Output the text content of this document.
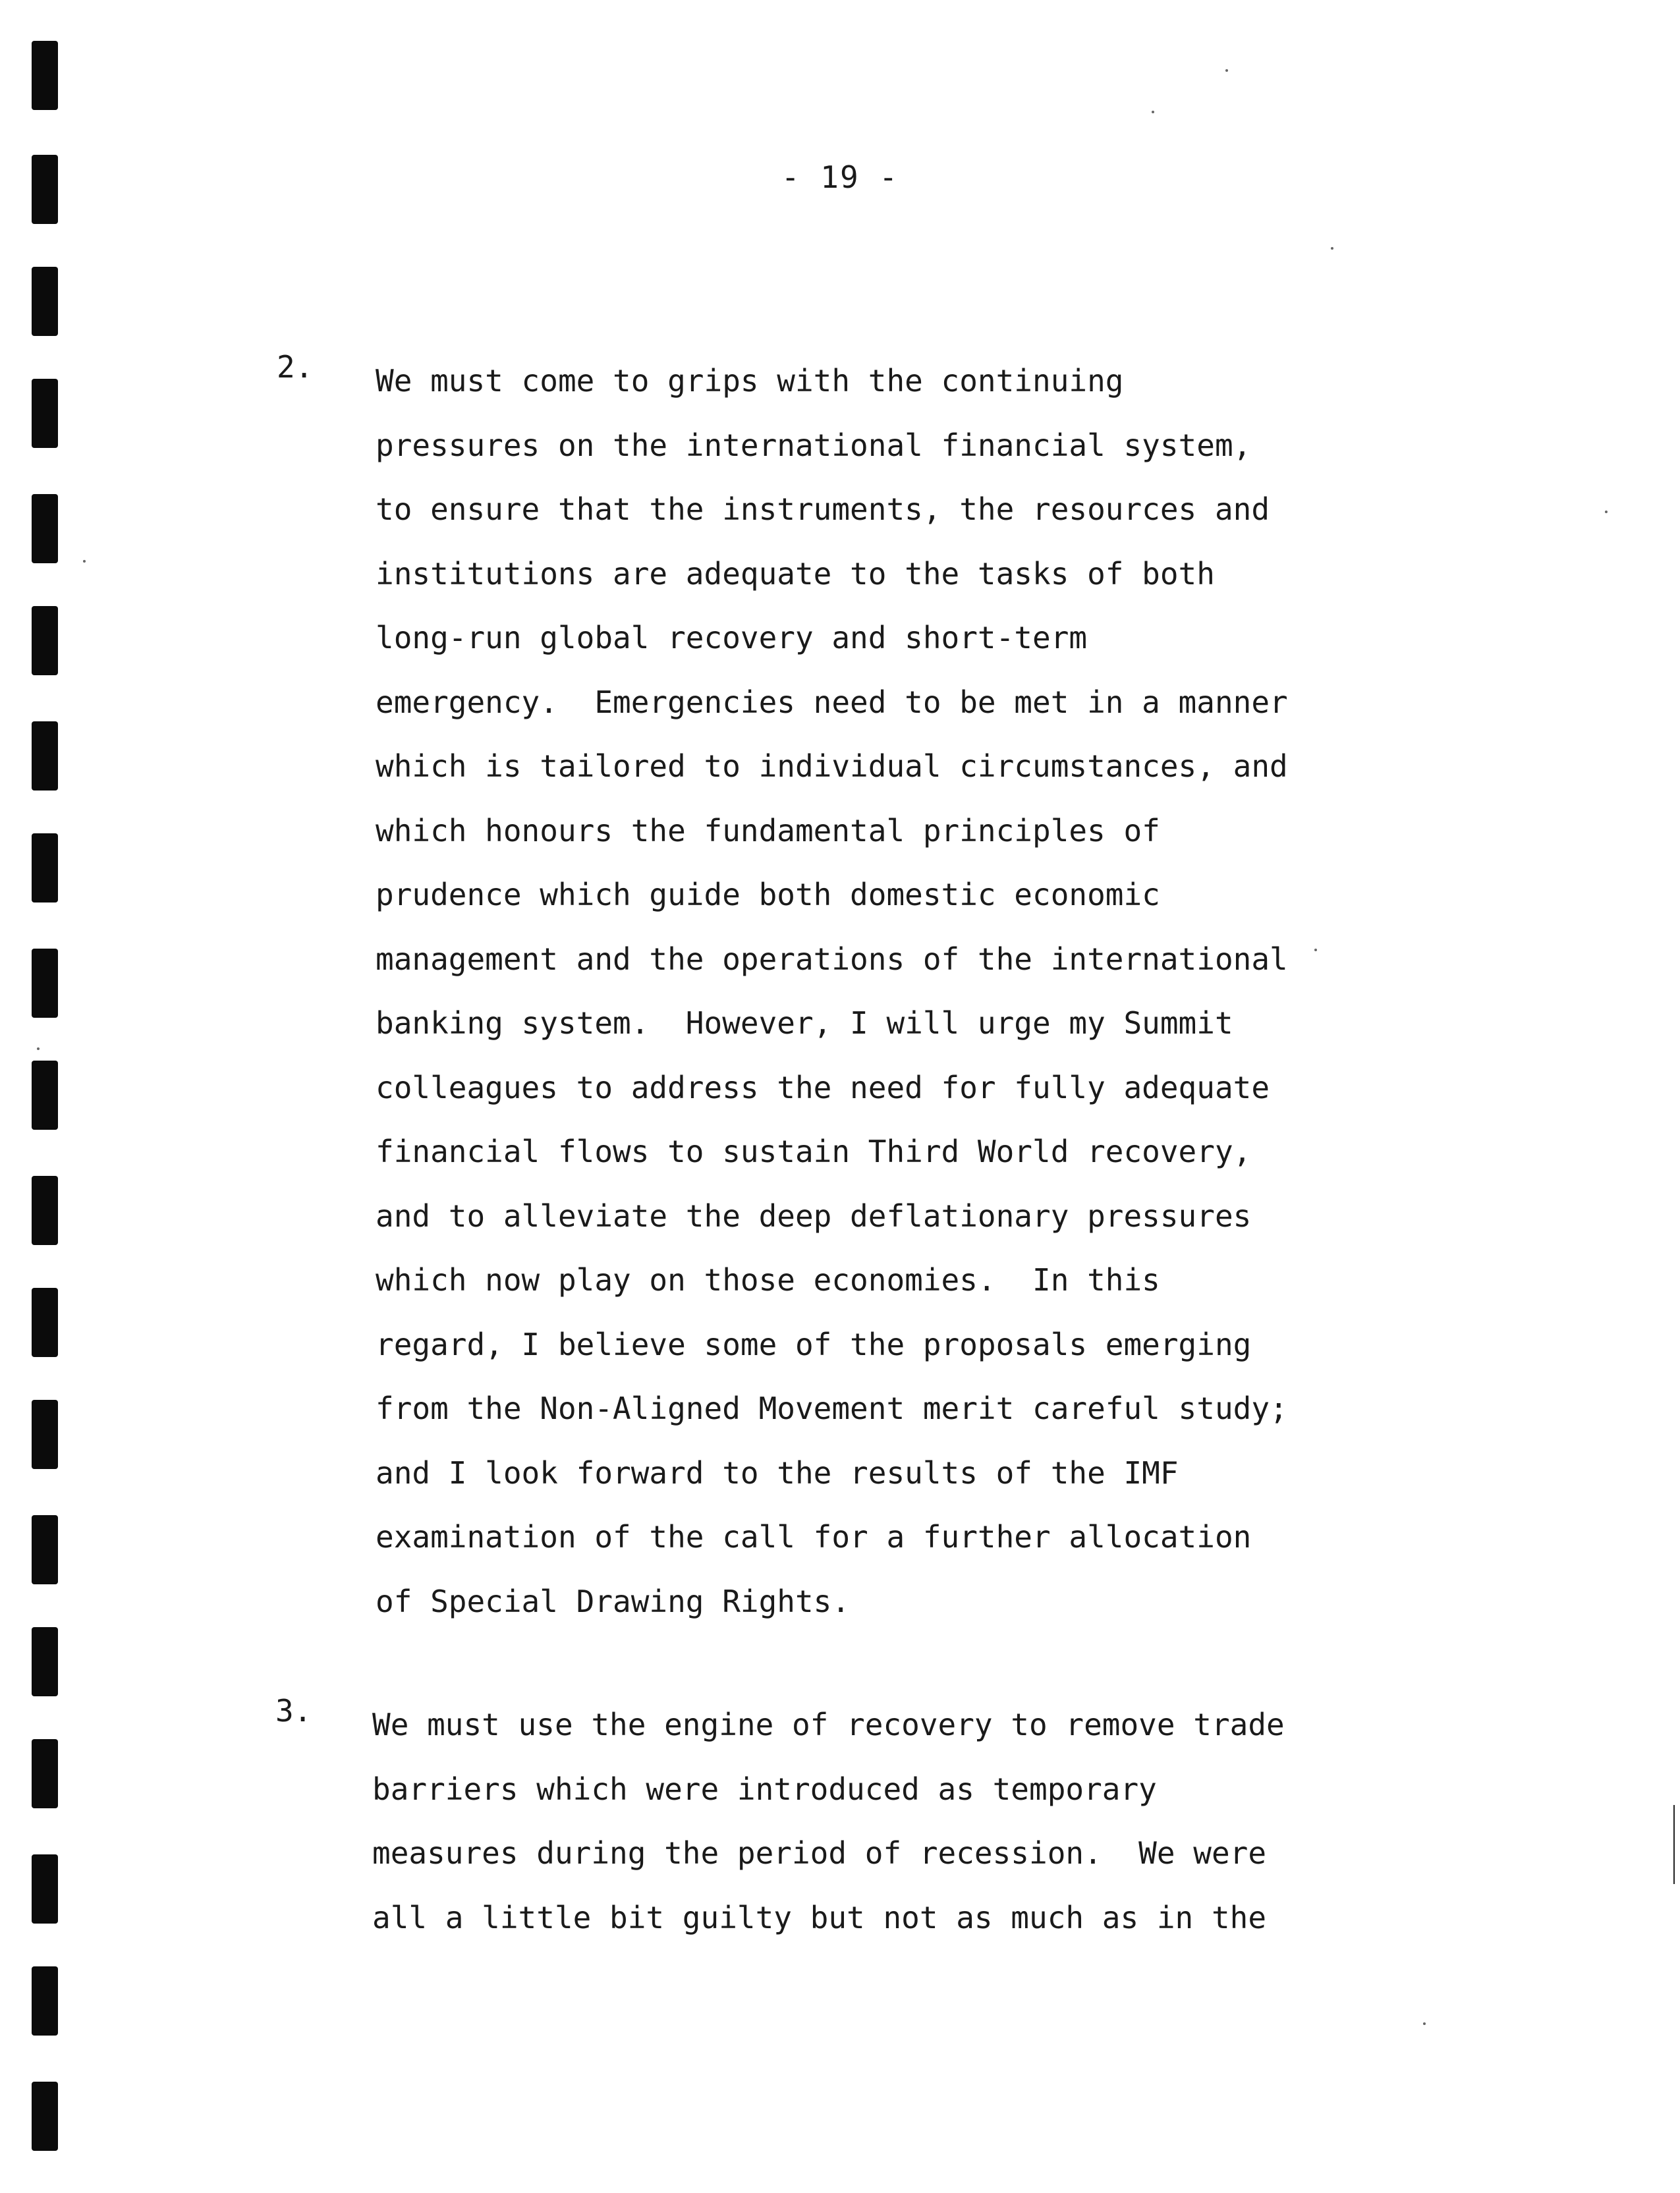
- 19 -
2. We must come to grips with the continuing
pressures on the international financial system,
to ensure that the instruments, the resources and
institutions are adequate to the tasks of both
long-run global recovery and short-term
emergency.  Emergencies need to be met in a manner
which is tailored to individual circumstances, and
which honours the fundamental principles of
prudence which guide both domestic economic
management and the operations of the international
banking system.  However, I will urge my Summit
colleagues to address the need for fully adequate
financial flows to sustain Third World recovery,
and to alleviate the deep deflationary pressures
which now play on those economies.  In this
regard, I believe some of the proposals emerging
from the Non-Aligned Movement merit careful study;
and I look forward to the results of the IMF
examination of the call for a further allocation
of Special Drawing Rights.
3. We must use the engine of recovery to remove trade
barriers which were introduced as temporary
measures during the period of recession.  We were
all a little bit guilty but not as much as in the
